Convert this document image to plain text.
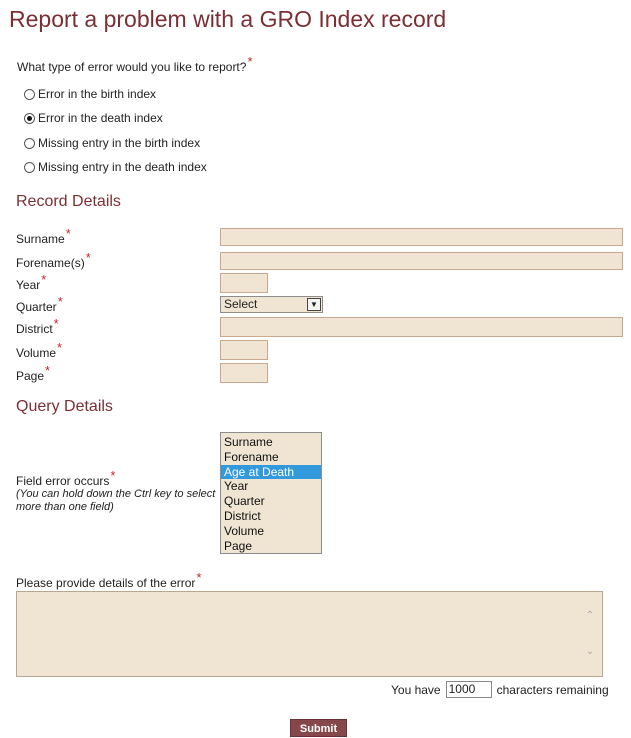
Report a problem with a GRO Index record
What type of error would you like to report?*
Error in the birth index
Error in the death index
Missing entry in the birth index
Missing entry in the death index
Record Details
Surname*
Forename(s)*
Year*
Quarter*	Select	▼
District*
Volume*
Page*
Query Details
Field error occurs*
(You can hold down the Ctrl key to select more than one field)
Surname
Forename
Age at Death
Year
Quarter
District
Volume
Page
Please provide details of the error*
⌃
⌄
You have 1000	characters remaining
Submit
